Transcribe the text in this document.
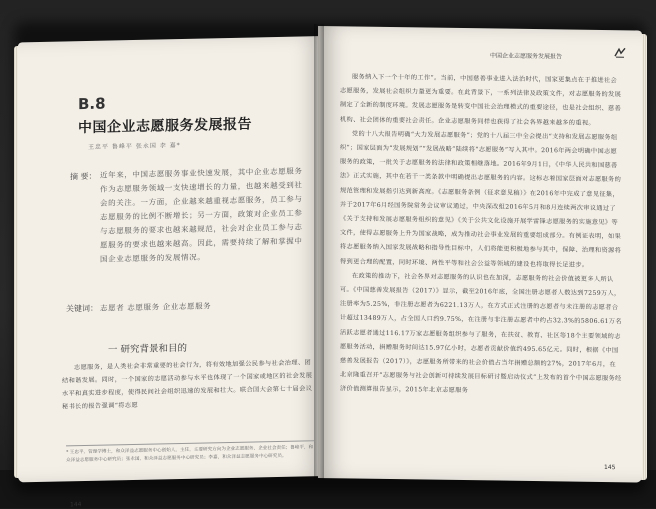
B.8
中国企业志愿服务发展报告
王忠平 鲁峰平 张永国 李 嘉*
摘 要： 近年来，中国志愿服务事业快速发展，其中企业志愿服务作为志愿服务领域一支快速增长的力量，也越来越受到社会的关注。一方面，企业越来越重视志愿服务，员工参与志愿服务的比例不断增长；另一方面，政策对企业员工参与志愿服务的要求也越来越规范，社会对企业员工参与志愿服务的要求也越来越高。因此，需要持续了解和掌握中国企业志愿服务的发展情况。
关键词： 志愿者 志愿服务 企业志愿服务
一 研究背景和目的
志愿服务，是人类社会非常重要的社会行为，将有效地加强公民参与社会治理、团结和谐发展。同时，一个国家的志愿活动参与水平也体现了一个国家或地区的社会发展水平和真实进步程度，使得民间社会组织迅速的发展和壮大。联合国大会第七十届会议秘书长的报告强调“将志愿
* 王忠平，管理学博士，和众泽益志愿服务中心创始人，主任，主要研究方向为企业志愿服务、企业社会责任；鲁峰平，和众泽益志愿服务中心研究员；张永国，和众泽益志愿服务中心研究员；李嘉，和众泽益志愿服务中心研究员。
144
中国企业志愿服务发展报告

服务纳入下一个十年的工作”。当前，中国慈善事业进入法治时代，国家更集点在于推进社会志愿服务，发展社会组织力量更为重要。在此背景下，一系列法律及政策文件，对志愿服务的发展制定了全新的制度环境。发展志愿服务是转变中国社会治理模式的重要途径，也是社会组织、慈善机构、社会团体的重要社会责任。企业志愿服务同样也获得了社会各界越来越多的重视。

党的十八大报告明确“大力发展志愿服务”；党的十八届三中全会提出“支持和发展志愿服务组织”；国家层面为“发展规划”“发展战略”陆续将“志愿服务”写入其中。2016年两会明确中国志愿服务的政策，一批关于志愿服务的法律和政策相继落地。2016年9月1日，《中华人民共和国慈善法》正式实施，其中在若干一类条款中明确提出志愿服务的内容。这标志着国家层面对志愿服务的规范管理和发展指引达到新高度。《志愿服务条例（征求意见稿）》在2016年中完成了意见征集，并于2017年6月经国务院常务会议审议通过，中央深改组2016年5月和8月连续两次审议通过了《关于支持和发展志愿服务组织的意见》《关于公共文化设施开展学雷锋志愿服务的实施意见》等文件，使得志愿服务上升为国家战略，成为推动社会事业发展的重要组成部分。有例证表明，如果将志愿服务纳入国家发展战略和指导性目标中，人们将能更积极地参与其中，保障、治理和资源将得到更合理的配置，同时环境、两性平等和社会公益等领域的建设也将取得长足进步。

在政策的推动下，社会各界对志愿服务的认识也在加深，志愿服务的社会价值被更多人所认可。《中国慈善发展报告（2017）》显示，截至2016年底，全国注册志愿者人数达到7259万人，注册率为5.25%，非注册志愿者为6221.13万人，在方式正式注册的志愿者与未注册的志愿者合计超过13489万人，占全国人口约9.75%，在注册与非注册志愿者中约占32.3%的5806.61万名活跃志愿者通过116.17万家志愿服务组织参与了服务，在扶贫、教育、社区等18个主要领域的志愿服务活动，捐赠服务时间达15.97亿小时，志愿者贡献价值约495.65亿元。同时，根据《中国慈善发展报告（2017）》，志愿服务所带来的社会价值占当年捐赠总额的27%，2017年6月，在北京隆重召开“志愿服务与社会创新可持续发展目标研讨暨启动仪式”上发布的首个中国志愿服务经济价值测算报告显示，2015年北京志愿服务

145
